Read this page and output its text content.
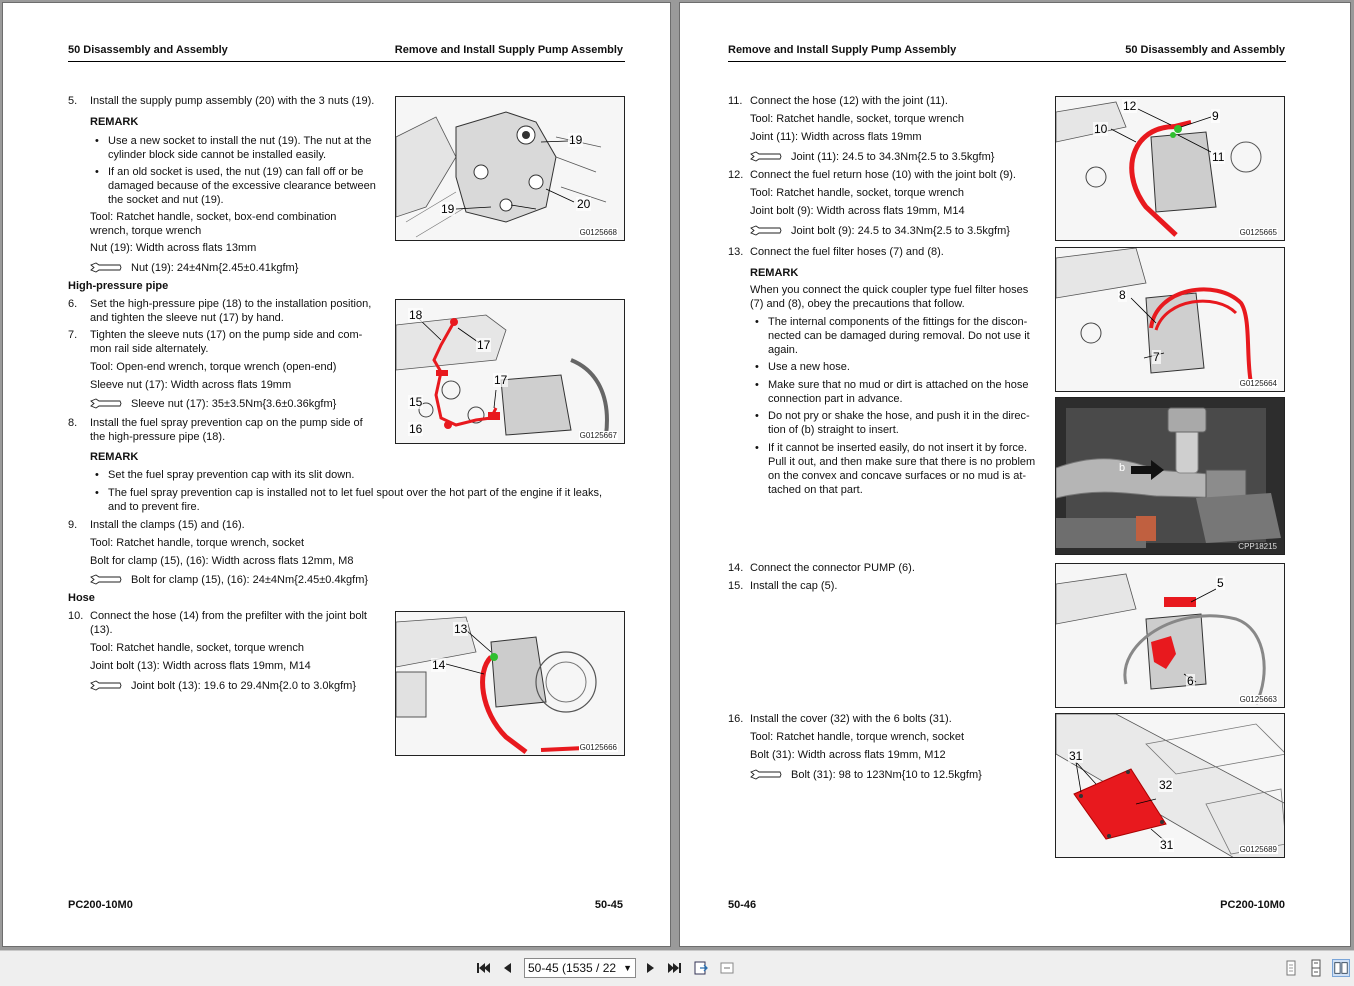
50 Disassembly and Assembly	Remove and Install Supply Pump Assembly
5. Install the supply pump assembly (20) with the 3 nuts (19).
REMARK
• Use a new socket to install the nut (19). The nut at the
cylinder block side cannot be installed easily.
• If an old socket is used, the nut (19) can fall off or be
damaged because of the excessive clearance between
the socket and nut (19).
Tool: Ratchet handle, socket, box-end combination
wrench, torque wrench
Nut (19): Width across flats 13mm
Nut (19): 24±4Nm{2.45±0.41kgfm}
High-pressure pipe
6. Set the high-pressure pipe (18) to the installation position,
and tighten the sleeve nut (17) by hand.
7. Tighten the sleeve nuts (17) on the pump side and com-
mon rail side alternately.
Tool: Open-end wrench, torque wrench (open-end)
Sleeve nut (17): Width across flats 19mm
Sleeve nut (17): 35±3.5Nm{3.6±0.36kgfm}
8. Install the fuel spray prevention cap on the pump side of
the high-pressure pipe (18).
REMARK
• Set the fuel spray prevention cap with its slit down.
• The fuel spray prevention cap is installed not to let fuel spout over the hot part of the engine if it leaks,
and to prevent fire.
9. Install the clamps (15) and (16).
Tool: Ratchet handle, torque wrench, socket
Bolt for clamp (15), (16): Width across flats 12mm, M8
Bolt for clamp (15), (16): 24±4Nm{2.45±0.4kgfm}
Hose
10. Connect the hose (14) from the prefilter with the joint bolt
(13).
Tool: Ratchet handle, socket, torque wrench
Joint bolt (13): Width across flats 19mm, M14
Joint bolt (13): 19.6 to 29.4Nm{2.0 to 3.0kgfm}
19
19	20
G0125668
18
17
17
15
16	G0125667
13
14
G0125666
PC200-10M0	50-45
Remove and Install Supply Pump Assembly	50 Disassembly and Assembly
11. Connect the hose (12) with the joint (11).
Tool: Ratchet handle, socket, torque wrench
Joint (11): Width across flats 19mm
Joint (11): 24.5 to 34.3Nm{2.5 to 3.5kgfm}
12. Connect the fuel return hose (10) with the joint bolt (9).
Tool: Ratchet handle, socket, torque wrench
Joint bolt (9): Width across flats 19mm, M14
Joint bolt (9): 24.5 to 34.3Nm{2.5 to 3.5kgfm}
13. Connect the fuel filter hoses (7) and (8).
REMARK
When you connect the quick coupler type fuel filter hoses
(7) and (8), obey the precautions that follow.
• The internal components of the fittings for the discon-
nected can be damaged during removal. Do not use it
again.
• Use a new hose.
• Make sure that no mud or dirt is attached on the hose
connection part in advance.
• Do not pry or shake the hose, and push it in the direc-
tion of (b) straight to insert.
• If it cannot be inserted easily, do not insert it by force.
Pull it out, and then make sure that there is no problem
on the convex and concave surfaces or no mud is at-
tached on that part.
14. Connect the connector PUMP (6).
15. Install the cap (5).
16. Install the cover (32) with the 6 bolts (31).
Tool: Ratchet handle, torque wrench, socket
Bolt (31): Width across flats 19mm, M12
Bolt (31): 98 to 123Nm{10 to 12.5kgfm}
12
9
10
11
G0125665
8
7
G0125664
b
CPP18215
5
6
G0125663
31
31
32
G0125689
50-46	PC200-10M0
50-45 (1535 / 22 ▼
